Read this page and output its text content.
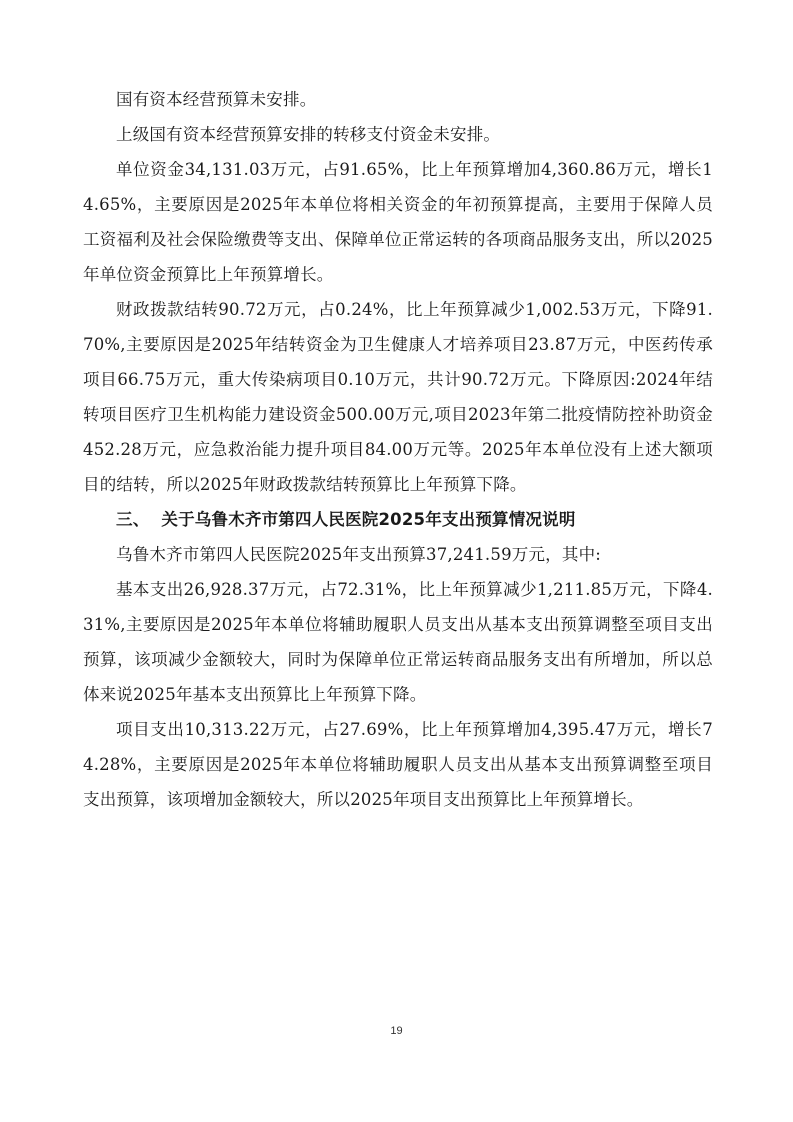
国有资本经营预算未安排。

上级国有资本经营预算安排的转移支付资金未安排。

单位资金34,131.03万元，占91.65%，比上年预算增加4,360.86万元，增长14.65%，主要原因是2025年本单位将相关资金的年初预算提高，主要用于保障人员工资福利及社会保险缴费等支出、保障单位正常运转的各项商品服务支出，所以2025年单位资金预算比上年预算增长。

财政拨款结转90.72万元，占0.24%，比上年预算减少1,002.53万元，下降91.70%,主要原因是2025年结转资金为卫生健康人才培养项目23.87万元，中医药传承项目66.75万元，重大传染病项目0.10万元，共计90.72万元。下降原因:2024年结转项目医疗卫生机构能力建设资金500.00万元,项目2023年第二批疫情防控补助资金452.28万元，应急救治能力提升项目84.00万元等。2025年本单位没有上述大额项目的结转，所以2025年财政拨款结转预算比上年预算下降。

三、 关于乌鲁木齐市第四人民医院2025年支出预算情况说明

乌鲁木齐市第四人民医院2025年支出预算37,241.59万元，其中:

基本支出26,928.37万元，占72.31%，比上年预算减少1,211.85万元，下降4.31%,主要原因是2025年本单位将辅助履职人员支出从基本支出预算调整至项目支出预算，该项减少金额较大，同时为保障单位正常运转商品服务支出有所增加，所以总体来说2025年基本支出预算比上年预算下降。

项目支出10,313.22万元，占27.69%，比上年预算增加4,395.47万元，增长74.28%，主要原因是2025年本单位将辅助履职人员支出从基本支出预算调整至项目支出预算，该项增加金额较大，所以2025年项目支出预算比上年预算增长。

19
